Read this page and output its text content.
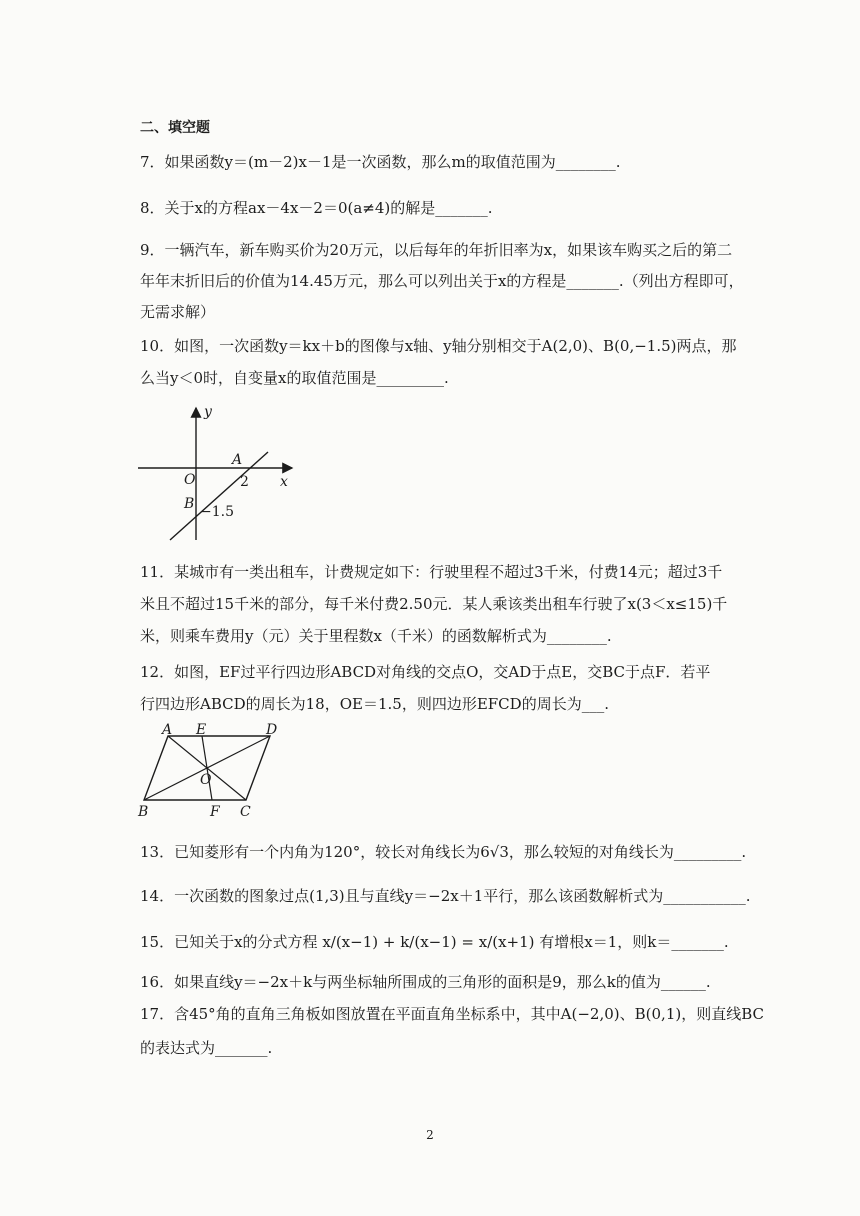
二、填空题
7．如果函数y＝(m－2)x－1是一次函数，那么m的取值范围为________.
8．关于x的方程ax－4x－2＝0(a≠4)的解是_______.
9．一辆汽车，新车购买价为20万元，以后每年的年折旧率为x，如果该车购买之后的第二
年年末折旧后的价值为14.45万元，那么可以列出关于x的方程是_______.（列出方程即可，
无需求解）
10．如图，一次函数y＝kx＋b的图像与x轴、y轴分别相交于A(2,0)、B(0,−1.5)两点，那
么当y＜0时，自变量x的取值范围是_________.
y
x
O
A
2
B −1.5
11．某城市有一类出租车，计费规定如下：行驶里程不超过3千米，付费14元；超过3千
米且不超过15千米的部分，每千米付费2.50元．某人乘该类出租车行驶了x(3＜x≤15)千
米，则乘车费用y（元）关于里程数x（千米）的函数解析式为________.
12．如图，EF过平行四边形ABCD对角线的交点O，交AD于点E，交BC于点F．若平
行四边形ABCD的周长为18，OE＝1.5，则四边形EFCD的周长为___.
A E	D
O
B	F C
13．已知菱形有一个内角为120°，较长对角线长为6√3，那么较短的对角线长为_________.
14．一次函数的图象过点(1,3)且与直线y＝−2x＋1平行，那么该函数解析式为___________.
15．已知关于x的分式方程 x/(x−1) + k/(x−1) = x/(x+1) 有增根x＝1，则k＝_______.
16．如果直线y＝−2x＋k与两坐标轴所围成的三角形的面积是9，那么k的值为______.
17．含45°角的直角三角板如图放置在平面直角坐标系中，其中A(−2,0)、B(0,1)，则直线BC
的表达式为_______.
2
